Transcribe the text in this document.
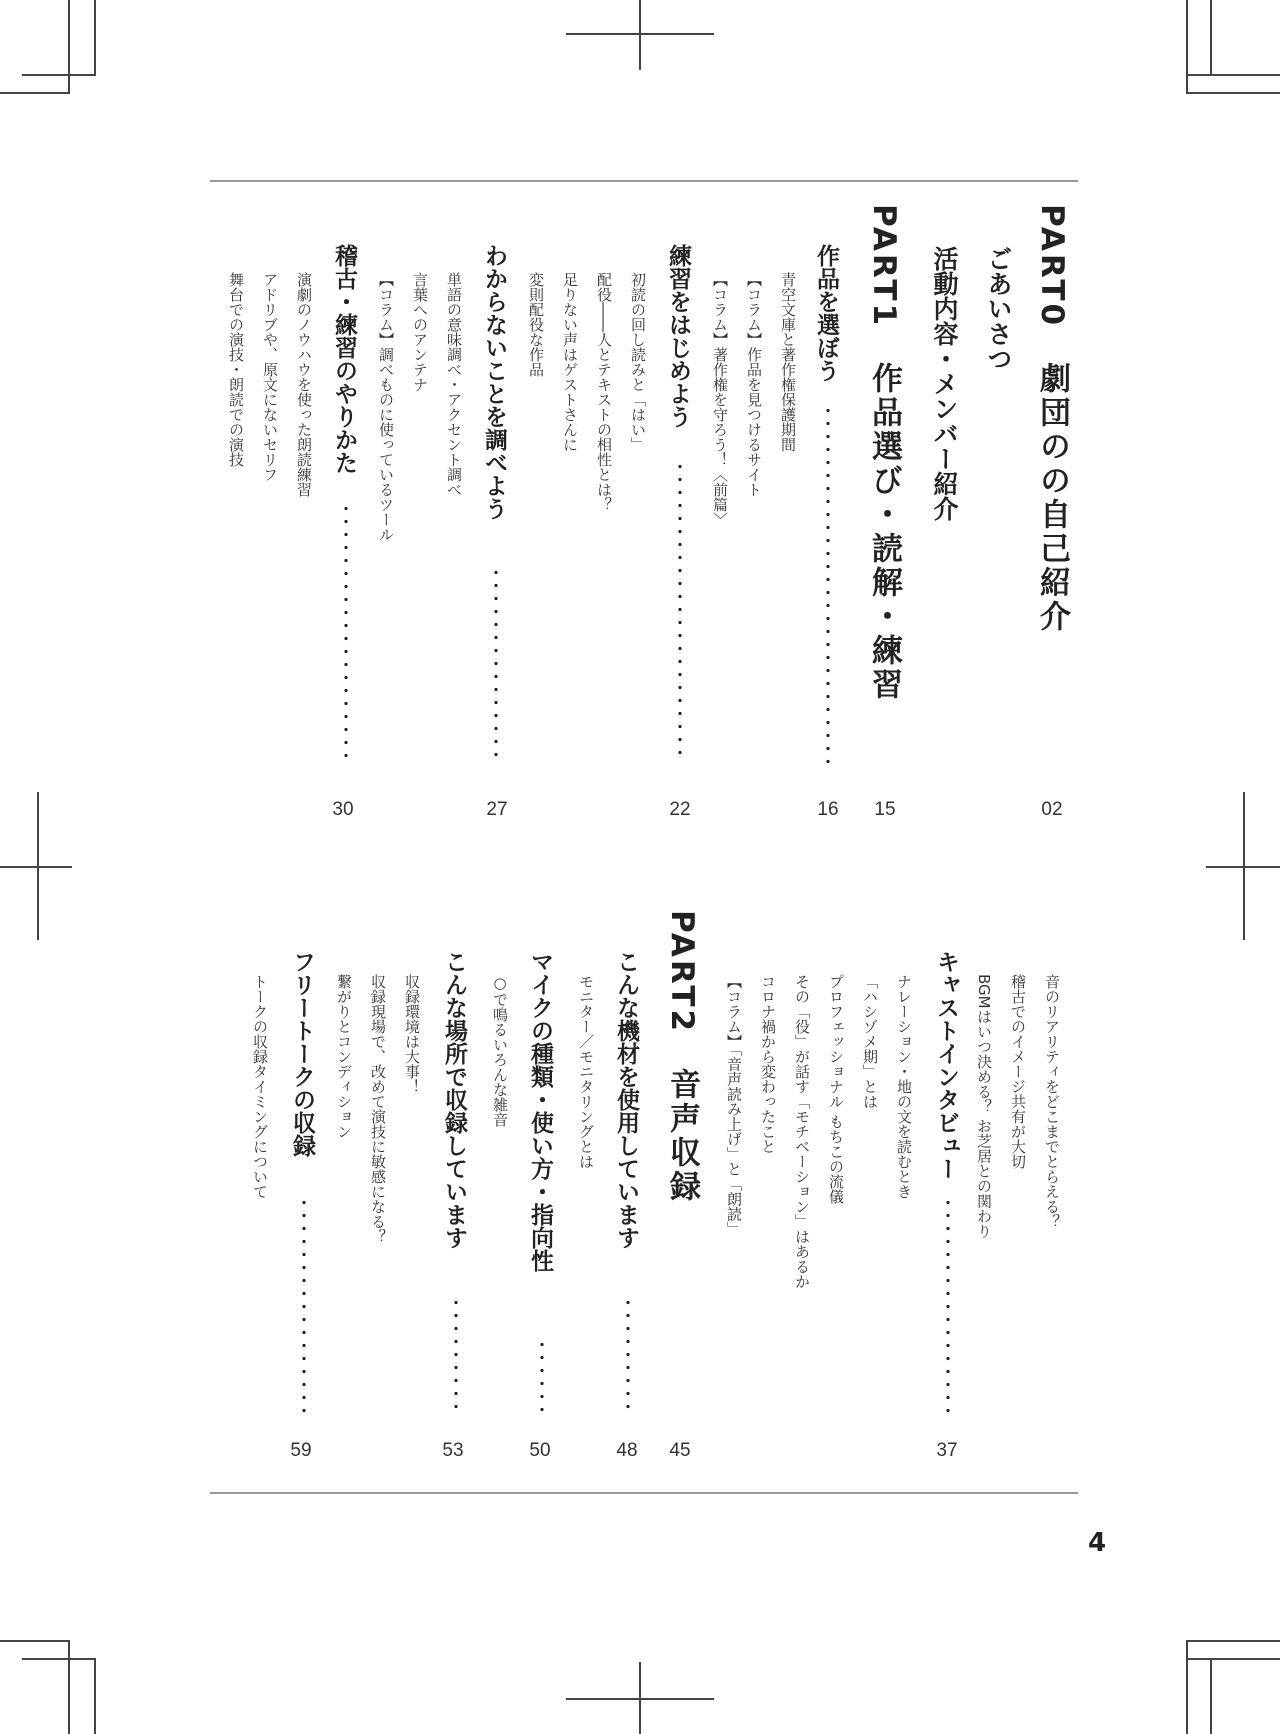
PART0　劇団のの自己紹介
ごあいさつ
02
活動内容・メンバー紹介
PART1　作品選び・読解・練習
15
作品を選ぼう
16
青空文庫と著作権保護期間
【コラム】作品を見つけるサイト
【コラム】著作権を守ろう！〈前篇〉
練習をはじめよう
22
初読の回し読みと「はい」
配役――人とテキストの相性とは？
足りない声はゲストさんに
変則配役な作品
わからないことを調べよう
27
単語の意味調べ・アクセント調べ
言葉へのアンテナ
【コラム】調べものに使っているツール
稽古・練習のやりかた
30
演劇のノウハウを使った朗読練習
アドリブや、原文にないセリフ
舞台での演技・朗読での演技
音のリアリティをどこまでとらえる？
稽古でのイメージ共有が大切
BGMはいつ決める？ お芝居との関わり
キャストインタビュー
37
ナレーション・地の文を読むとき
「ハシゾメ期」とは
プロフェッショナル もちこの流儀
その「役」が話す「モチベーション」はあるか
コロナ禍から変わったこと
【コラム】「音声読み上げ」と「朗読」
PART2　音声収録
45
こんな機材を使用しています
48
モニター／モニタリングとは
マイクの種類・使い方・指向性
50
○で鳴るいろんな雑音
こんな場所で収録しています
53
収録環境は大事！
収録現場で、改めて演技に敏感になる？
繋がりとコンディション
フリートークの収録
59
トークの収録タイミングについて
4
